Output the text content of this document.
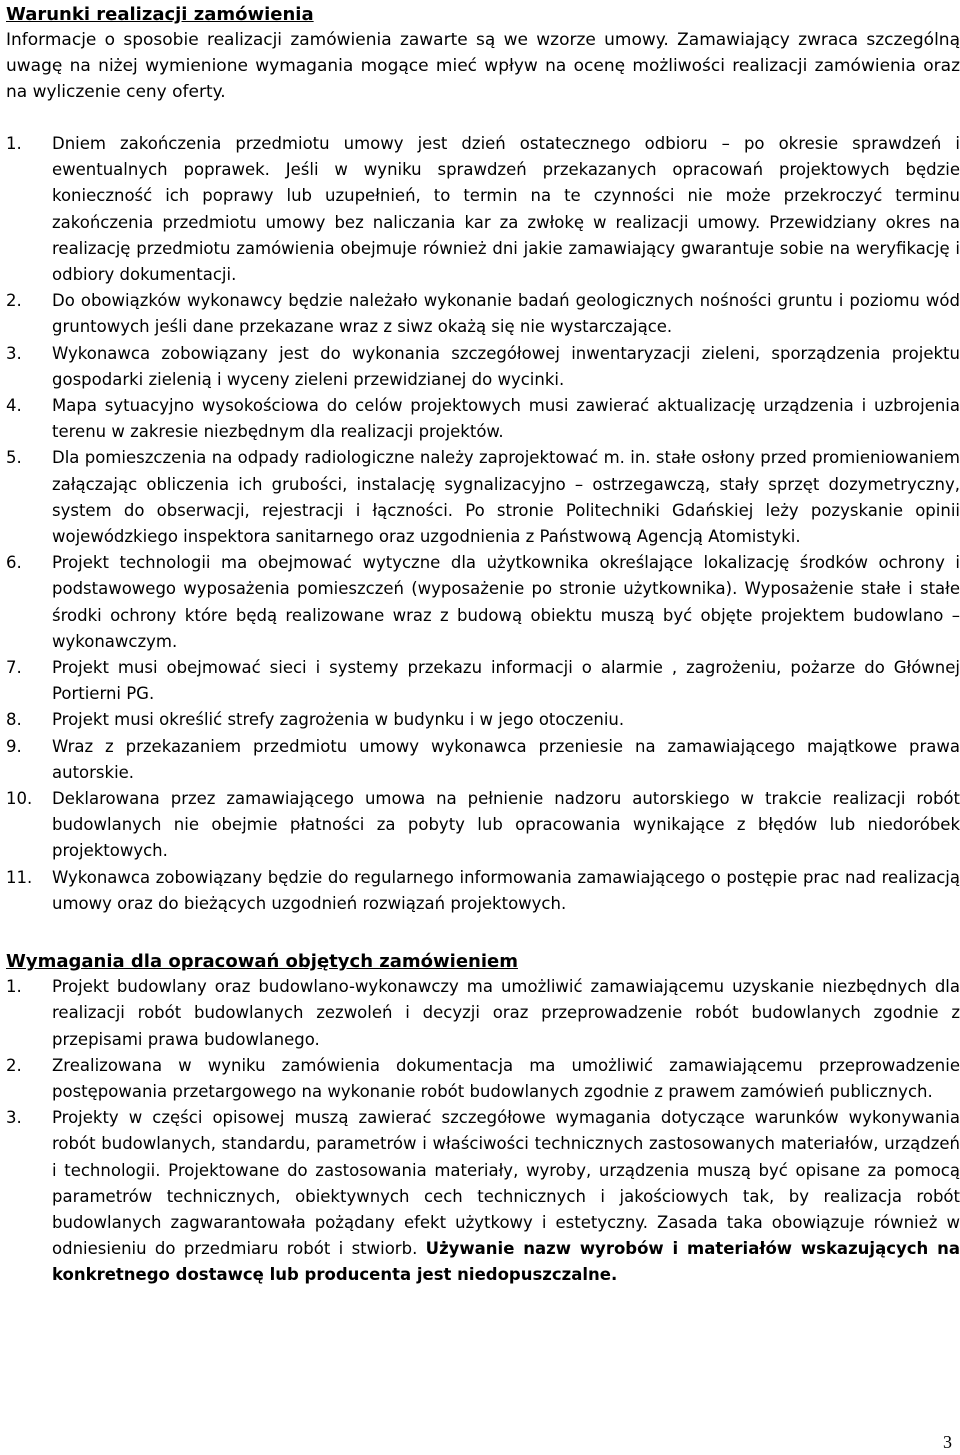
Warunki realizacji zamówienia

Informacje o sposobie realizacji zamówienia zawarte są we wzorze umowy. Zamawiający zwraca szczególną uwagę na niżej wymienione wymagania mogące mieć wpływ na ocenę możliwości realizacji zamówienia oraz na wyliczenie ceny oferty.

1. Dniem zakończenia przedmiotu umowy jest dzień ostatecznego odbioru – po okresie sprawdzeń i ewentualnych poprawek. Jeśli w wyniku sprawdzeń przekazanych opracowań projektowych będzie konieczność ich poprawy lub uzupełnień, to termin na te czynności nie może przekroczyć terminu zakończenia przedmiotu umowy bez naliczania kar za zwłokę w realizacji umowy. Przewidziany okres na realizację przedmiotu zamówienia obejmuje również dni jakie zamawiający gwarantuje sobie na weryfikację i odbiory dokumentacji.
2. Do obowiązków wykonawcy będzie należało wykonanie badań geologicznych nośności gruntu i poziomu wód gruntowych jeśli dane przekazane wraz z siwz okażą się nie wystarczające.
3. Wykonawca zobowiązany jest do wykonania szczegółowej inwentaryzacji zieleni, sporządzenia projektu gospodarki zielenią i wyceny zieleni przewidzianej do wycinki.
4. Mapa sytuacyjno wysokościowa do celów projektowych musi zawierać aktualizację urządzenia i uzbrojenia terenu w zakresie niezbędnym dla realizacji projektów.
5. Dla pomieszczenia na odpady radiologiczne należy zaprojektować m. in. stałe osłony przed promieniowaniem załączając obliczenia ich grubości, instalację sygnalizacyjno – ostrzegawczą, stały sprzęt dozymetryczny, system do obserwacji, rejestracji i łączności. Po stronie Politechniki Gdańskiej leży pozyskanie opinii wojewódzkiego inspektora sanitarnego oraz uzgodnienia z Państwową Agencją Atomistyki.
6. Projekt technologii ma obejmować wytyczne dla użytkownika określające lokalizację środków ochrony i podstawowego wyposażenia pomieszczeń (wyposażenie po stronie użytkownika). Wyposażenie stałe i stałe środki ochrony które będą realizowane wraz z budową obiektu muszą być objęte projektem budowlano –wykonawczym.
7. Projekt musi obejmować sieci i systemy przekazu informacji o alarmie , zagrożeniu, pożarze do Głównej Portierni PG.
8. Projekt musi określić strefy zagrożenia w budynku i w jego otoczeniu.
9. Wraz z przekazaniem przedmiotu umowy wykonawca przeniesie na zamawiającego majątkowe prawa autorskie.
10. Deklarowana przez zamawiającego umowa na pełnienie nadzoru autorskiego w trakcie realizacji robót budowlanych nie obejmie płatności za pobyty lub opracowania wynikające z błędów lub niedoróbek projektowych.
11. Wykonawca zobowiązany będzie do regularnego informowania zamawiającego o postępie prac nad realizacją umowy oraz do bieżących uzgodnień rozwiązań projektowych.
Wymagania dla opracowań objętych zamówieniem
1. Projekt budowlany oraz budowlano-wykonawczy ma umożliwić zamawiającemu uzyskanie niezbędnych dla realizacji robót budowlanych zezwoleń i decyzji oraz przeprowadzenie robót budowlanych zgodnie z przepisami prawa budowlanego.
2. Zrealizowana w wyniku zamówienia dokumentacja ma umożliwić zamawiającemu przeprowadzenie postępowania przetargowego na wykonanie robót budowlanych zgodnie z prawem zamówień publicznych.
3. Projekty w części opisowej muszą zawierać szczegółowe wymagania dotyczące warunków wykonywania robót budowlanych, standardu, parametrów i właściwości technicznych zastosowanych materiałów, urządzeń i technologii. Projektowane do zastosowania materiały, wyroby, urządzenia muszą być opisane za pomocą parametrów technicznych, obiektywnych cech technicznych i jakościowych tak, by realizacja robót budowlanych zagwarantowała pożądany efekt użytkowy i estetyczny. Zasada taka obowiązuje również w odniesieniu do przedmiaru robót i stwiorb. Używanie nazw wyrobów i materiałów wskazujących na konkretnego dostawcę lub producenta jest niedopuszczalne.
3
